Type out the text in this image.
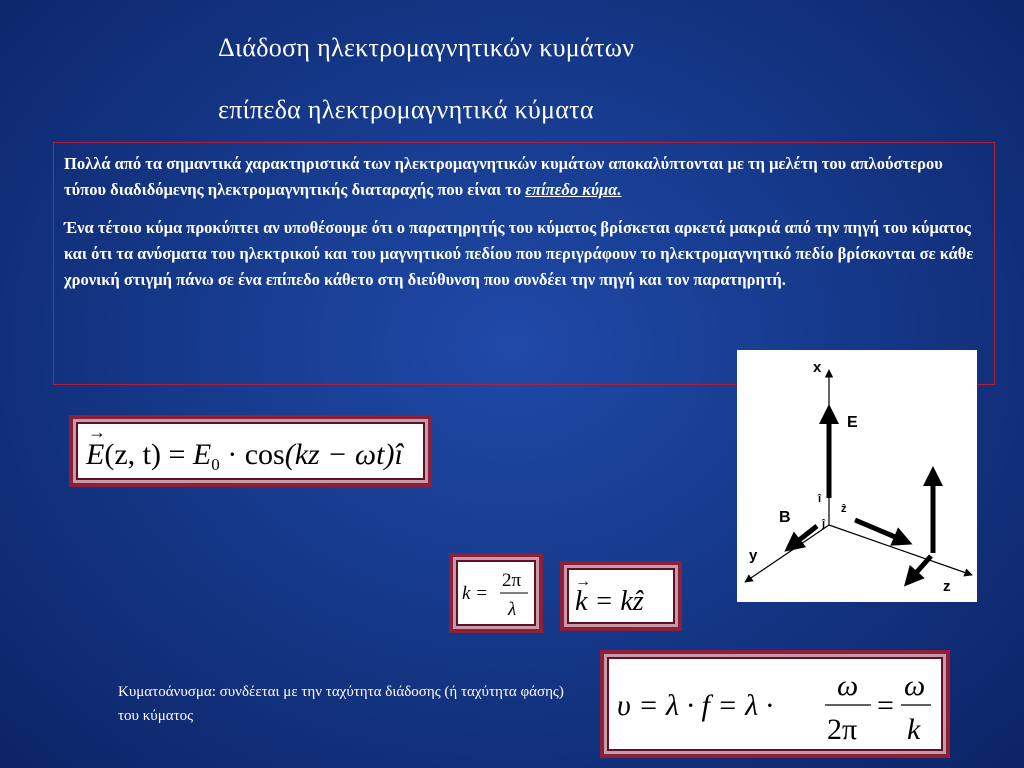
Διάδοση ηλεκτρομαγνητικών κυμάτων
επίπεδα ηλεκτρομαγνητικά κύματα

Πολλά από τα σημαντικά χαρακτηριστικά των ηλεκτρομαγνητικών κυμάτων αποκαλύπτονται με τη μελέτη του απλούστερου τύπου διαδιδόμενης ηλεκτρομαγνητικής διαταραχής που είναι το επίπεδο κύμα.

Ένα τέτοιο κύμα προκύπτει αν υποθέσουμε ότι ο παρατηρητής του κύματος βρίσκεται αρκετά μακριά από την πηγή του κύματος και ότι τα ανύσματα του ηλεκτρικού και του μαγνητικού πεδίου που περιγράφουν το ηλεκτρομαγνητικό πεδίο βρίσκονται σε κάθε χρονική στιγμή πάνω σε ένα επίπεδο κάθετο στη διεύθυνση που συνδέει την πηγή και τον παρατηρητή.

x
y
z
E
B
î
ĵ
ẑ
→
E(z, $t) = E_0 \cdot \cos(kz$ − ωt)î
k =
2π
λ
→
k = kẑ
υ = λ · f = λ ·
ω
2π
=
ω
k

Κυματοάνυσμα: συνδέεται με την ταχύτητα διάδοσης (ή ταχύτητα φάσης) του κύματος
